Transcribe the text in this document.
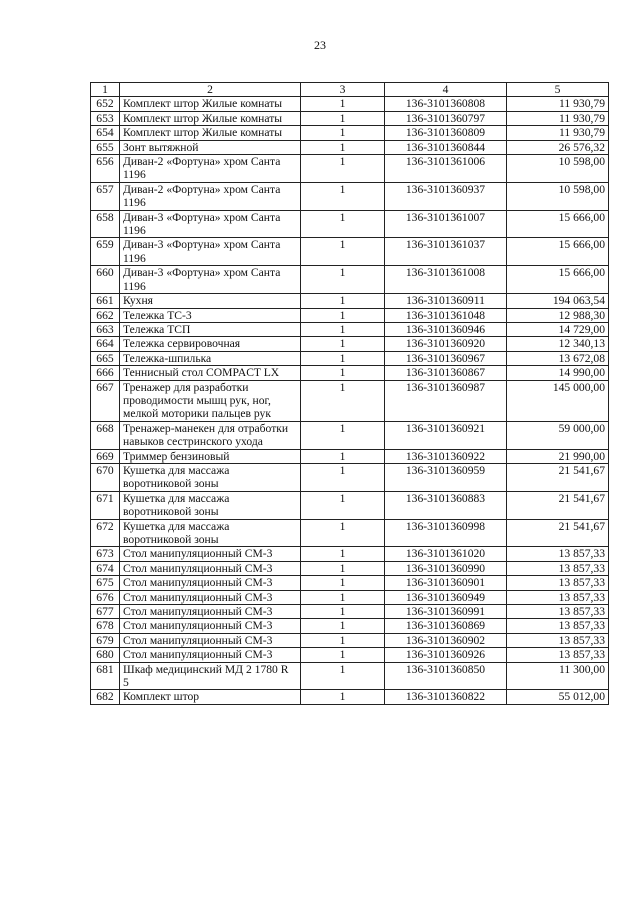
23
1	2	3	4	5
652	Комплект штор Жилые комнаты	1	136-3101360808	11 930,79
653	Комплект штор Жилые комнаты	1	136-3101360797	11 930,79
654	Комплект штор Жилые комнаты	1	136-3101360809	11 930,79
655	Зонт вытяжной	1	136-3101360844	26 576,32
656	Диван-2 «Фортуна» хром Санта 1196	1	136-3101361006	10 598,00
657	Диван-2 «Фортуна» хром Санта 1196	1	136-3101360937	10 598,00
658	Диван-3 «Фортуна» хром Санта 1196	1	136-3101361007	15 666,00
659	Диван-3 «Фортуна» хром Санта 1196	1	136-3101361037	15 666,00
660	Диван-3 «Фортуна» хром Санта 1196	1	136-3101361008	15 666,00
661	Кухня	1	136-3101360911	194 063,54
662	Тележка ТС-3	1	136-3101361048	12 988,30
663	Тележка ТСП	1	136-3101360946	14 729,00
664	Тележка сервировочная	1	136-3101360920	12 340,13
665	Тележка-шпилька	1	136-3101360967	13 672,08
666	Теннисный стол COMPACT LX	1	136-3101360867	14 990,00
667	Тренажер для разработки проводимости мышц рук, ног, мелкой моторики пальцев рук	1	136-3101360987	145 000,00
668	Тренажер-манекен для отработки навыков сестринского ухода	1	136-3101360921	59 000,00
669	Триммер бензиновый	1	136-3101360922	21 990,00
670	Кушетка для массажа воротниковой зоны	1	136-3101360959	21 541,67
671	Кушетка для массажа воротниковой зоны	1	136-3101360883	21 541,67
672	Кушетка для массажа воротниковой зоны	1	136-3101360998	21 541,67
673	Стол манипуляционный СМ-3	1	136-3101361020	13 857,33
674	Стол манипуляционный СМ-3	1	136-3101360990	13 857,33
675	Стол манипуляционный СМ-3	1	136-3101360901	13 857,33
676	Стол манипуляционный СМ-3	1	136-3101360949	13 857,33
677	Стол манипуляционный СМ-3	1	136-3101360991	13 857,33
678	Стол манипуляционный СМ-3	1	136-3101360869	13 857,33
679	Стол манипуляционный СМ-3	1	136-3101360902	13 857,33
680	Стол манипуляционный СМ-3	1	136-3101360926	13 857,33
681	Шкаф медицинский МД 2 1780 R 5	1	136-3101360850	11 300,00
682	Комплект штор	1	136-3101360822	55 012,00
